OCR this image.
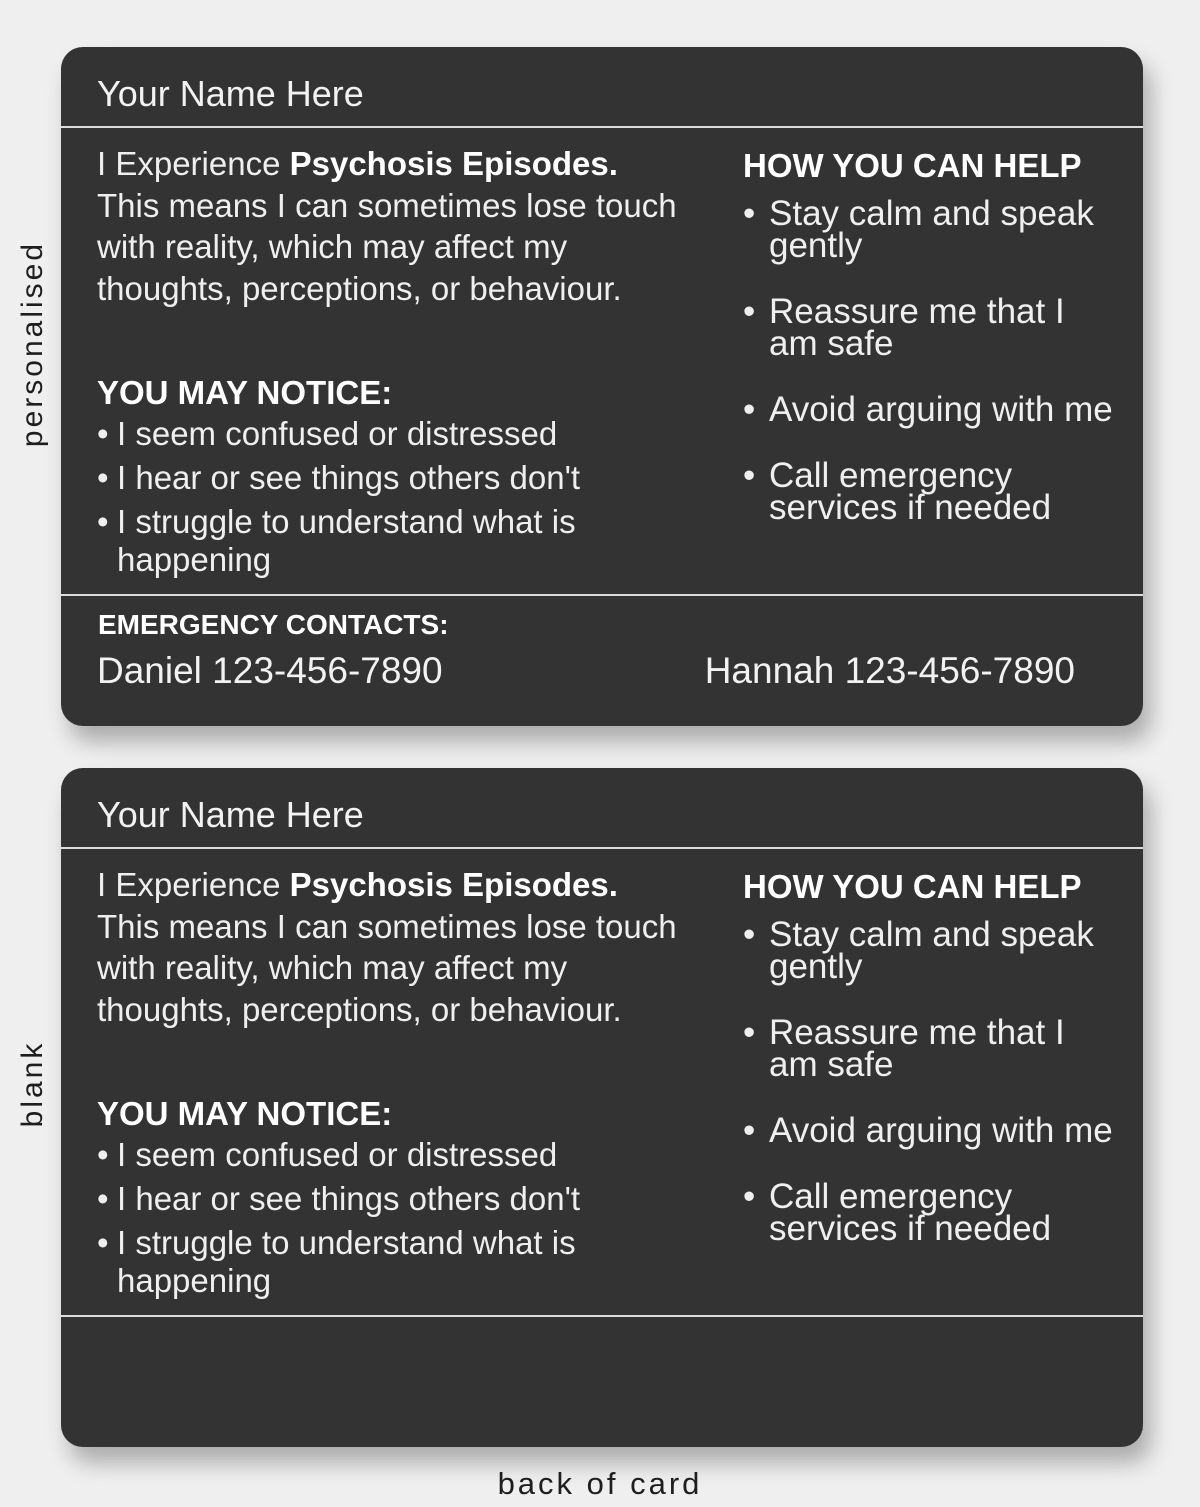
personalised
blank
Your Name Here
I Experience Psychosis Episodes. This means I can sometimes lose touch with reality, which may affect my thoughts, perceptions, or behaviour.
YOU MAY NOTICE:
• I seem confused or distressed
• I hear or see things others don't
• I struggle to understand what is happening
HOW YOU CAN HELP
• Stay calm and speak gently
• Reassure me that I am safe
• Avoid arguing with me
• Call emergency services if needed
EMERGENCY CONTACTS:
Daniel 123-456-7890	Hannah 123-456-7890
Your Name Here
I Experience Psychosis Episodes. This means I can sometimes lose touch with reality, which may affect my thoughts, perceptions, or behaviour.
YOU MAY NOTICE:
• I seem confused or distressed
• I hear or see things others don't
• I struggle to understand what is happening
HOW YOU CAN HELP
• Stay calm and speak gently
• Reassure me that I am safe
• Avoid arguing with me
• Call emergency services if needed
back of card
